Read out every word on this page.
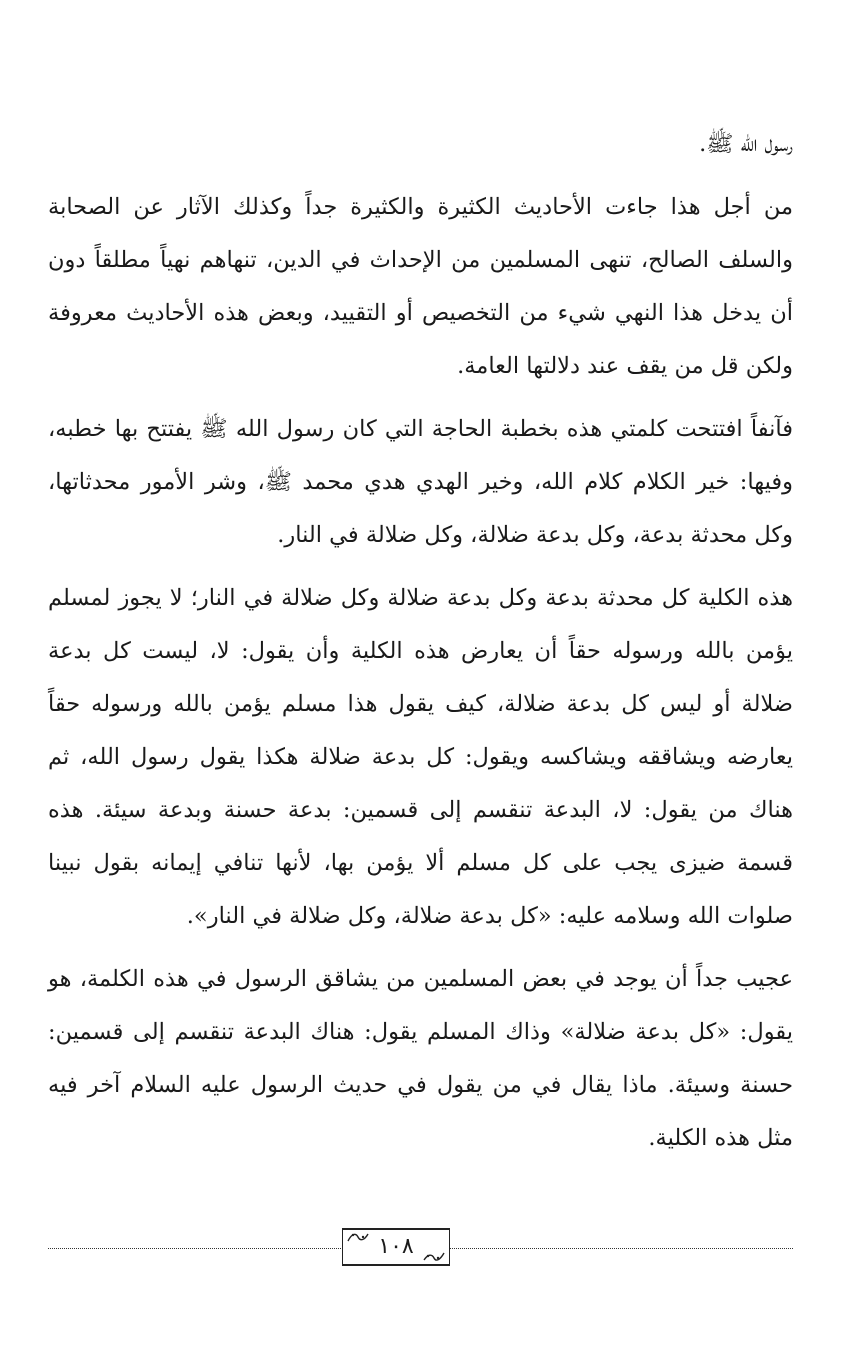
رسول الله ﷺ.

من أجل هذا جاءت الأحاديث الكثيرة والكثيرة جداً وكذلك الآثار عن الصحابة والسلف الصالح، تنهى المسلمين من الإحداث في الدين، تنهاهم نهياً مطلقاً دون أن يدخل هذا النهي شيء من التخصيص أو التقييد، وبعض هذه الأحاديث معروفة ولكن قل من يقف عند دلالتها العامة.

فآنفاً افتتحت كلمتي هذه بخطبة الحاجة التي كان رسول الله ﷺ يفتتح بها خطبه، وفيها: خير الكلام كلام الله، وخير الهدي هدي محمد ﷺ، وشر الأمور محدثاتها، وكل محدثة بدعة، وكل بدعة ضلالة، وكل ضلالة في النار.

هذه الكلية كل محدثة بدعة وكل بدعة ضلالة وكل ضلالة في النار؛ لا يجوز لمسلم يؤمن بالله ورسوله حقاً أن يعارض هذه الكلية وأن يقول: لا، ليست كل بدعة ضلالة أو ليس كل بدعة ضلالة، كيف يقول هذا مسلم يؤمن بالله ورسوله حقاً يعارضه ويشاققه ويشاكسه ويقول: كل بدعة ضلالة هكذا يقول رسول الله، ثم هناك من يقول: لا، البدعة تنقسم إلى قسمين: بدعة حسنة وبدعة سيئة. هذه قسمة ضيزى يجب على كل مسلم ألا يؤمن بها، لأنها تنافي إيمانه بقول نبينا صلوات الله وسلامه عليه: «كل بدعة ضلالة، وكل ضلالة في النار».

عجيب جداً أن يوجد في بعض المسلمين من يشاقق الرسول في هذه الكلمة، هو يقول: «كل بدعة ضلالة» وذاك المسلم يقول: هناك البدعة تنقسم إلى قسمين: حسنة وسيئة. ماذا يقال في من يقول في حديث الرسول عليه السلام آخر فيه مثل هذه الكلية.

١٠٨
